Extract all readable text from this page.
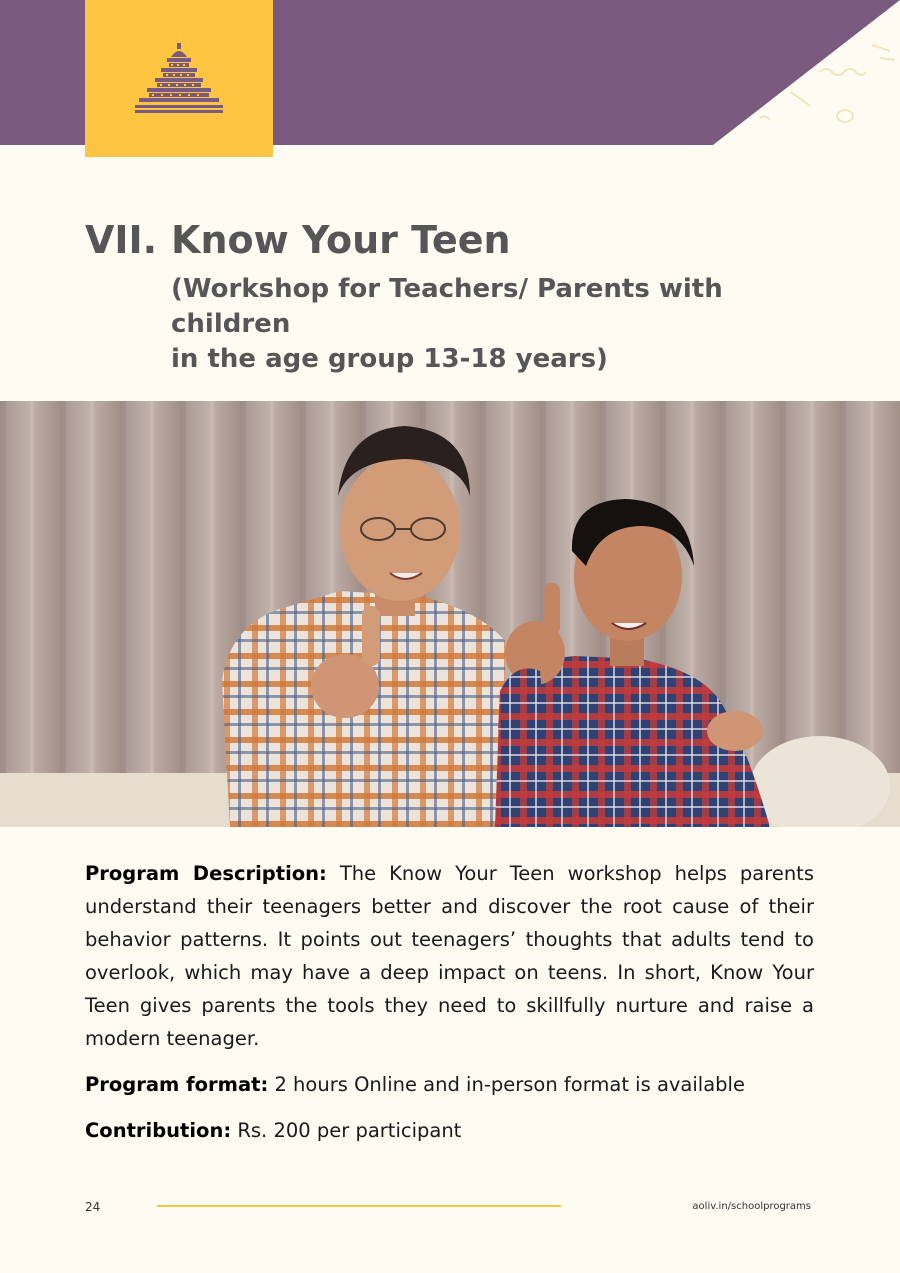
VII. Know Your Teen
(Workshop for Teachers/ Parents with children
in the age group 13-18 years)

Program Description: The Know Your Teen workshop helps parents understand their teenagers better and discover the root cause of their behavior patterns. It points out teenagers’ thoughts that adults tend to overlook, which may have a deep impact on teens. In short, Know Your Teen gives parents the tools they need to skillfully nurture and raise a modern teenager.

Program format: 2 hours Online and in-person format is available

Contribution: Rs. 200 per participant

24	aoliv.in/schoolprograms
